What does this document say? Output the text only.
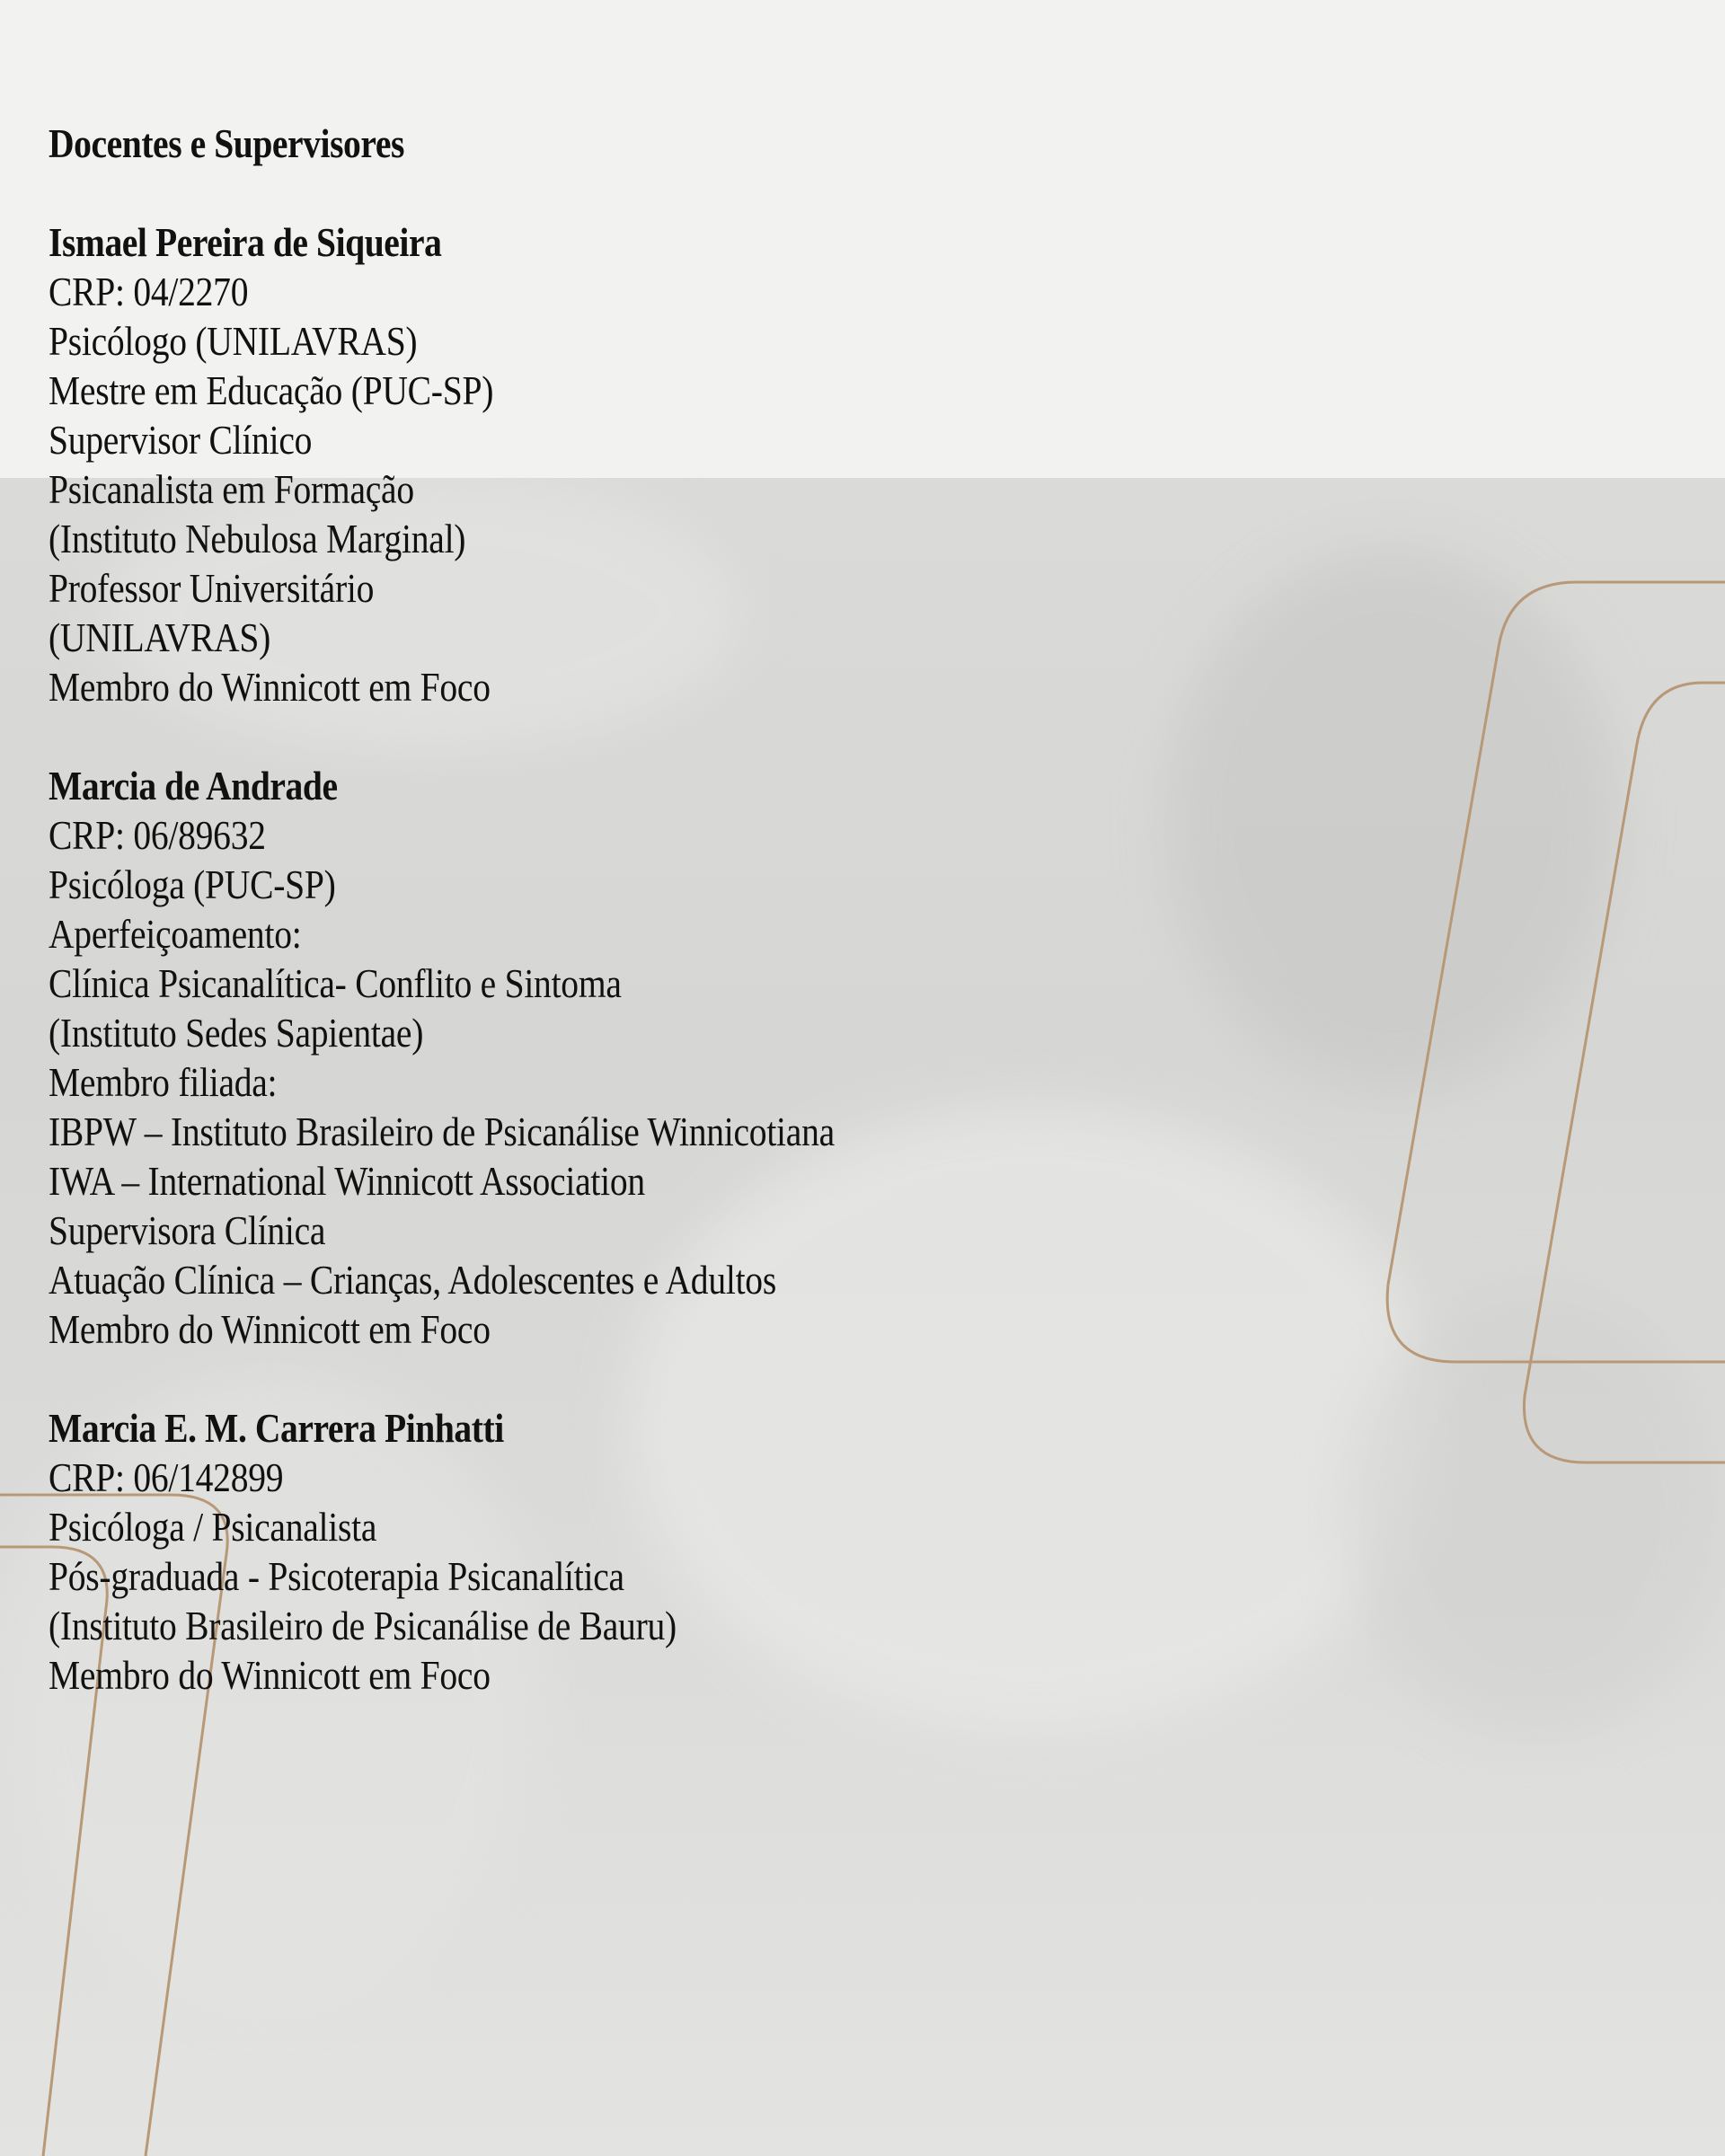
Docentes e Supervisores
Ismael Pereira de Siqueira
CRP: 04/2270
Psicólogo (UNILAVRAS)
Mestre em Educação (PUC-SP)
Supervisor Clínico
Psicanalista em Formação
(Instituto Nebulosa Marginal)
Professor Universitário
(UNILAVRAS)
Membro do Winnicott em Foco
Marcia de Andrade
CRP: 06/89632
Psicóloga (PUC-SP)
Aperfeiçoamento:
Clínica Psicanalítica- Conflito e Sintoma
(Instituto Sedes Sapientae)
Membro filiada:
IBPW – Instituto Brasileiro de Psicanálise Winnicotiana
IWA – International Winnicott Association
Supervisora Clínica
Atuação Clínica – Crianças, Adolescentes e Adultos
Membro do Winnicott em Foco
Marcia E. M. Carrera Pinhatti
CRP: 06/142899
Psicóloga / Psicanalista
Pós-graduada - Psicoterapia Psicanalítica
(Instituto Brasileiro de Psicanálise de Bauru)
Membro do Winnicott em Foco
